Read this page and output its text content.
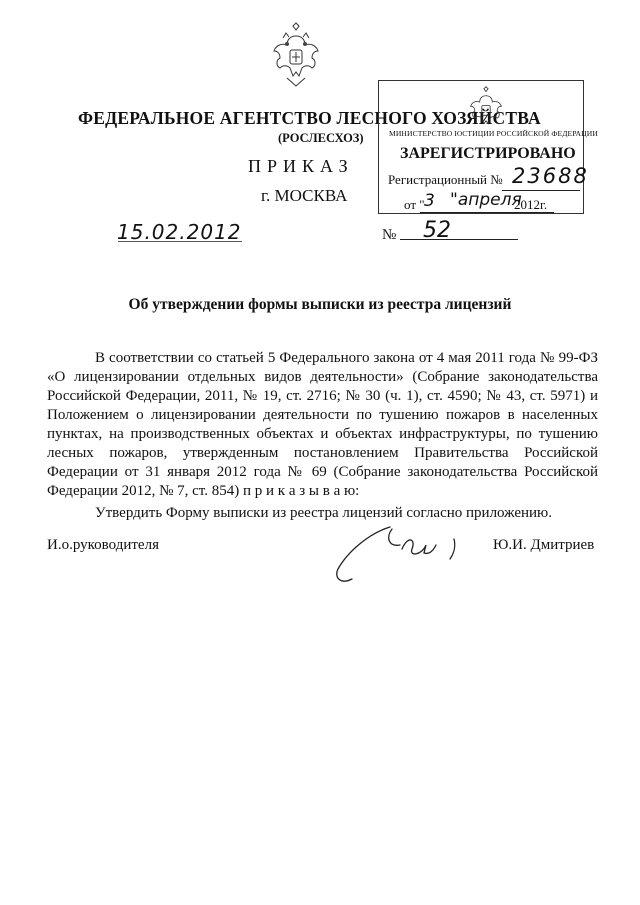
ФЕДЕРАЛЬНОЕ АГЕНТСТВО ЛЕСНОГО ХОЗЯЙСТВА
(РОСЛЕСХОЗ)
ПРИКАЗ
г. МОСКВА
МИНИСТЕРСТВО ЮСТИЦИИ РОССИЙСКОЙ ФЕДЕРАЦИИ
ЗАРЕГИСТРИРОВАНО
Регистрационный № 23688
от " 3 "апреля
2012г.
15.02.2012	№ 52
Об утверждении формы выписки из реестра лицензий
В соответствии со статьей 5 Федерального закона от 4 мая 2011 года № 99-ФЗ
«О лицензировании отдельных видов деятельности» (Собрание законодательства
Российской Федерации, 2011, № 19, ст. 2716; № 30 (ч. 1), ст. 4590; № 43, ст. 5971) и
Положением о лицензировании деятельности по тушению пожаров в населенных
пунктах, на производственных объектах и объектах инфраструктуры, по тушению
лесных пожаров, утвержденным постановлением Правительства Российской
Федерации от 31 января 2012 года № 69 (Собрание законодательства Российской
Федерации 2012, № 7, ст. 854) п р и к а з ы в а ю:
Утвердить Форму выписки из реестра лицензий согласно приложению.
И.о.руководителя	Ю.И. Дмитриев
